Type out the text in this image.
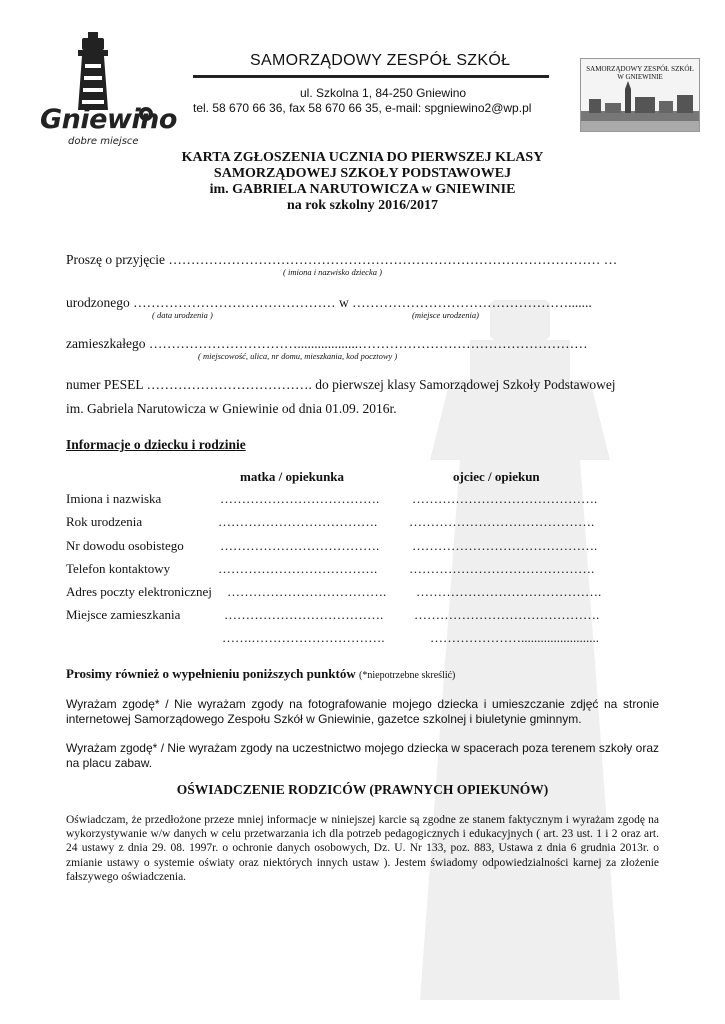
Gniewino
dobre miejsce
SAMORZĄDOWY ZESPÓŁ SZKÓŁ
ul. Szkolna 1, 84-250 Gniewino
tel. 58 670 66 36, fax 58 670 66 35, e-mail: spgniewino2@wp.pl
SAMORZĄDOWY ZESPÓŁ SZKÓŁ
W GNIEWINIE
KARTA ZGŁOSZENIA UCZNIA DO PIERWSZEJ KLASY
SAMORZĄDOWEJ SZKOŁY PODSTAWOWEJ
im. GABRIELA NARUTOWICZA w GNIEWINIE
na rok szkolny 2016/2017
Proszę o przyjęcie …………………………………………………………………………………… …
( imiona i nazwisko dziecka )
urodzonego ……………………………………… w ………………………………………….......
( data urodzenia )	(miejsce urodzenia)
zamieszkałego ……………………………..................……………………………………………
( miejscowość, ulica, nr domu, mieszkania, kod pocztowy )
numer PESEL ………………………………. do pierwszej klasy Samorządowej Szkoły Podstawowej
im. Gabriela Narutowicza w Gniewinie od dnia 01.09. 2016r.
Informacje o dziecku i rodzinie
matka / opiekunka	ojciec / opiekun
Imiona i nazwiska	……………………………….	…………………………………….
Rok urodzenia	………………………………. …………………………………….
Nr dowodu osobistego	……………………………….	…………………………………….
Telefon kontaktowy	………………………………. …………………………………….
Adres poczty elektronicznej ………………………………. …………………………………….
Miejsce zamieszkania	………………………………. …………………………………….
…….………………………….	…………………........................
Prosimy również o wypełnieniu poniższych punktów (*niepotrzebne skreślić)
Wyrażam zgodę* / Nie wyrażam zgody na fotografowanie mojego dziecka i umieszczanie zdjęć na stronie internetowej Samorządowego Zespołu Szkół w Gniewinie, gazetce szkolnej i biuletynie gminnym.
Wyrażam zgodę* / Nie wyrażam zgody na uczestnictwo mojego dziecka w spacerach poza terenem szkoły oraz na placu zabaw.
OŚWIADCZENIE RODZICÓW (PRAWNYCH OPIEKUNÓW)
Oświadczam, że przedłożone przeze mniej informacje w niniejszej karcie są zgodne ze stanem faktycznym i wyrażam zgodę na wykorzystywanie w/w danych w celu przetwarzania ich dla potrzeb pedagogicznych i edukacyjnych ( art. 23 ust. 1 i 2 oraz art. 24 ustawy z dnia 29. 08. 1997r. o ochronie danych osobowych, Dz. U. Nr 133, poz. 883, Ustawa z dnia 6 grudnia 2013r. o zmianie ustawy o systemie oświaty oraz niektórych innych ustaw ). Jestem świadomy odpowiedzialności karnej za złożenie fałszywego oświadczenia.
